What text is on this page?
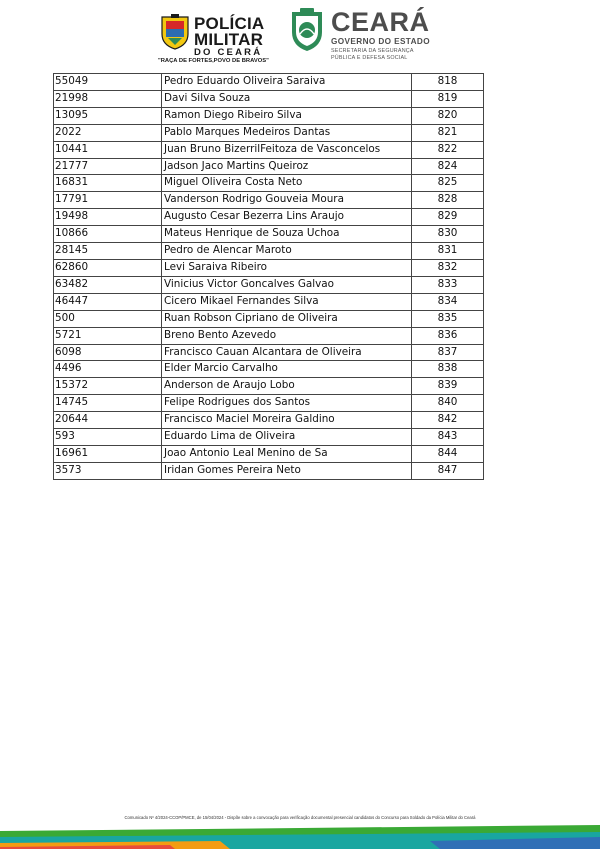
POLÍCIA
MILITAR
DO CEARÁ
"RAÇA DE FORTES,POVO DE BRAVOS"
CEARÁ
GOVERNO DO ESTADO
SECRETARIA DA SEGURANÇA
PÚBLICA E DEFESA SOCIAL
55049	Pedro Eduardo Oliveira Saraiva	818
21998	Davi Silva Souza	819
13095	Ramon Diego Ribeiro Silva	820
2022	Pablo Marques Medeiros Dantas	821
10441	Juan Bruno BizerrilFeitoza de Vasconcelos	822
21777	Jadson Jaco Martins Queiroz	824
16831	Miguel Oliveira Costa Neto	825
17791	Vanderson Rodrigo Gouveia Moura	828
19498	Augusto Cesar Bezerra Lins Araujo	829
10866	Mateus Henrique de Souza Uchoa	830
28145	Pedro de Alencar Maroto	831
62860	Levi Saraiva Ribeiro	832
63482	Vinicius Victor Goncalves Galvao	833
46447	Cicero Mikael Fernandes Silva	834
500	Ruan Robson Cipriano de Oliveira	835
5721	Breno Bento Azevedo	836
6098	Francisco Cauan Alcantara de Oliveira	837
4496	Elder Marcio Carvalho	838
15372	Anderson de Araujo Lobo	839
14745	Felipe Rodrigues dos Santos	840
20644	Francisco Maciel Moreira Galdino	842
593	Eduardo Lima de Oliveira	843
16961	Joao Antonio Leal Menino de Sa	844
3573	Iridan Gomes Pereira Neto	847
Comunicado Nº 4/2024-CCOP/PMCE, de 15/04/2024 - Dispõe sobre a convocação para verificação documental presencial candidatos do Concurso para Soldado da Polícia Militar do Ceará
